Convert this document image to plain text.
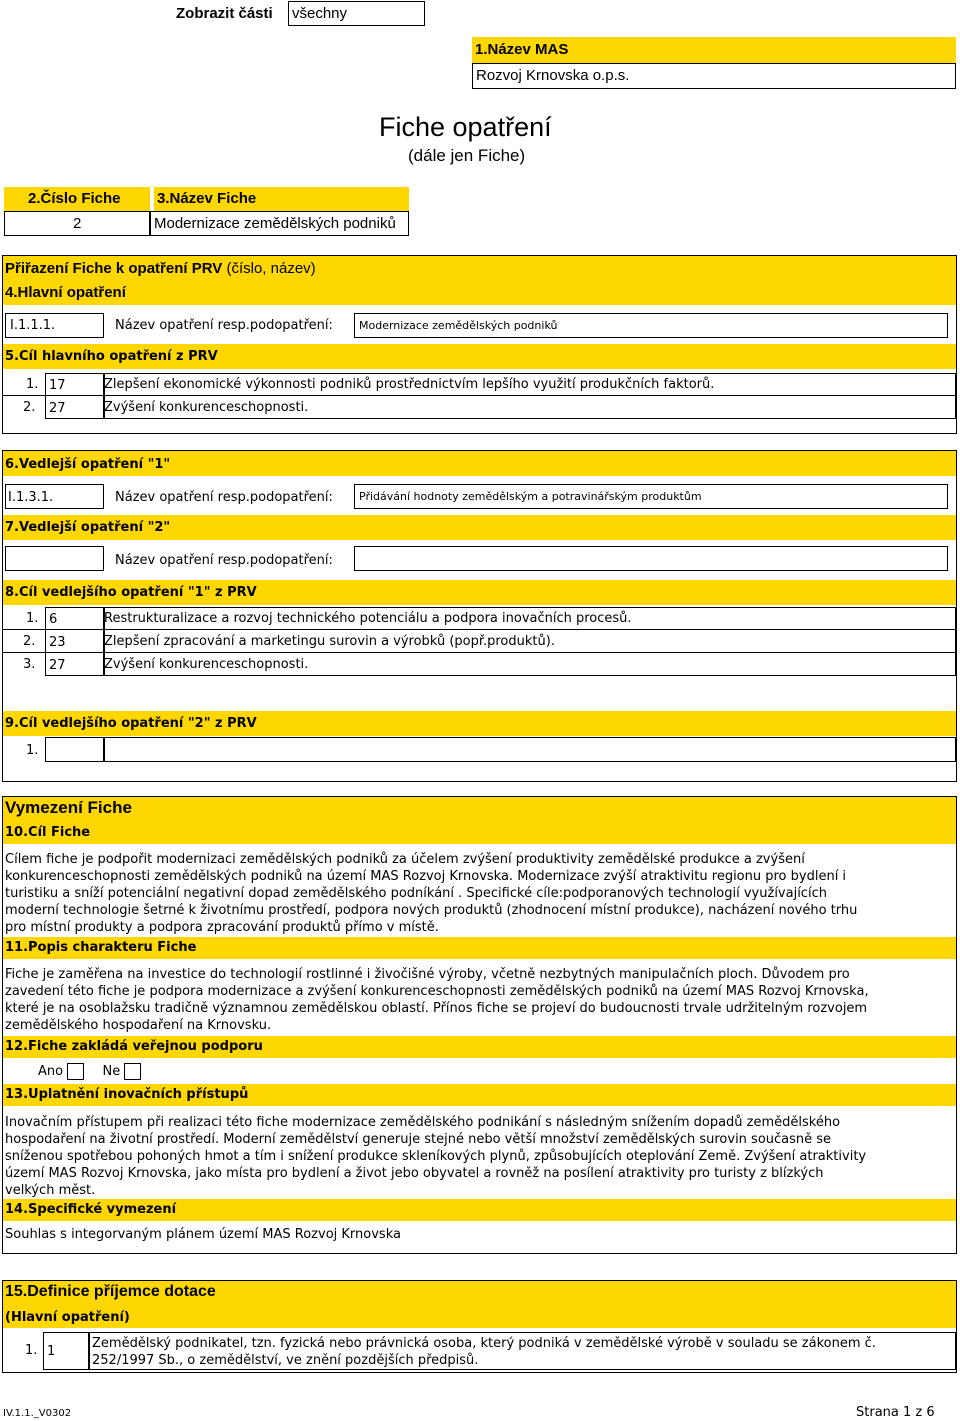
Zobrazit části všechny
1.Název MAS
Rozvoj Krnovska o.p.s.
Fiche opatření
(dále jen Fiche)
2.Číslo Fiche 3.Název Fiche
2	Modernizace zemědělských podniků
Přiřazení Fiche k opatření PRV (číslo, název)
4.Hlavní opatření
I.1.1.1.	Název opatření resp.podopatření:
Modernizace zemědělských podniků
5.Cíl hlavního opatření z PRV
1. 17	Zlepšení ekonomické výkonnosti podniků prostřednictvím lepšího využití produkčních faktorů.
2. 27	Zvýšení konkurenceschopnosti.
6.Vedlejší opatření "1"
I.1.3.1.	Název opatření resp.podopatření:
Přidávání hodnoty zemědělským a potravinářským produktům
7.Vedlejší opatření "2"
Název opatření resp.podopatření:
8.Cíl vedlejšího opatření "1" z PRV
1. 6	Restrukturalizace a rozvoj technického potenciálu a podpora inovačních procesů.
2. 23	Zlepšení zpracování a marketingu surovin a výrobků (popř.produktů).
3. 27	Zvýšení konkurenceschopnosti.
9.Cíl vedlejšího opatření "2" z PRV
1.
Vymezení Fiche
10.Cíl Fiche
Cílem fiche je podpořit modernizaci zemědělských podniků za účelem zvýšení produktivity zemědělské produkce a zvýšení
konkurenceschopnosti zemědělských podniků na území MAS Rozvoj Krnovska. Modernizace zvýší atraktivitu regionu pro bydlení i
turistiku a sníží potenciální negativní dopad zemědělského podníkání . Specifické cíle:podporanových technologií využívajících
moderní technologie šetrné k životnímu prostředí, podpora nových produktů (zhodnocení místní produkce), nacházení nového trhu
pro místní produkty a podpora zpracování produktů přímo v místě.
11.Popis charakteru Fiche
Fiche je zaměřena na investice do technologií rostlinné i živočišné výroby, včetně nezbytných manipulačních ploch. Důvodem pro
zavedení této fiche je podpora modernizace a zvýšení konkurenceschopnosti zemědělských podniků na území MAS Rozvoj Krnovska,
které je na osoblažsku tradičně významnou zemědělskou oblastí. Přínos fiche se projeví do budoucnosti trvale udržitelným rozvojem
zemědělského hospodaření na Krnovsku.
12.Fiche zakládá veřejnou podporu
Ano	Ne
13.Uplatnění inovačních přístupů
Inovačním přístupem při realizaci této fiche modernizace zemědělského podnikání s následným snížením dopadů zemědělského
hospodaření na životní prostředí. Moderní zemědělství generuje stejné nebo větší množství zemědělských surovin současně se
sníženou spotřebou pohoných hmot a tím i snížení produkce skleníkových plynů, způsobujících oteplování Země. Zvýšení atraktivity
území MAS Rozvoj Krnovska, jako místa pro bydlení a život jebo obyvatel a rovněž na posílení atraktivity pro turisty z blízkých
velkých měst.
14.Specifické vymezení
Souhlas s integorvaným plánem území MAS Rozvoj Krnovska
15.Definice příjemce dotace
(Hlavní opatření)
1
1.	Zemědělský podnikatel, tzn. fyzická nebo právnická osoba, který podniká v zemědělské výrobě v souladu se zákonem č.
252/1997 Sb., o zemědělství, ve znění pozdějších předpisů.
IV.1.1._V0302	Strana 1 z 6
